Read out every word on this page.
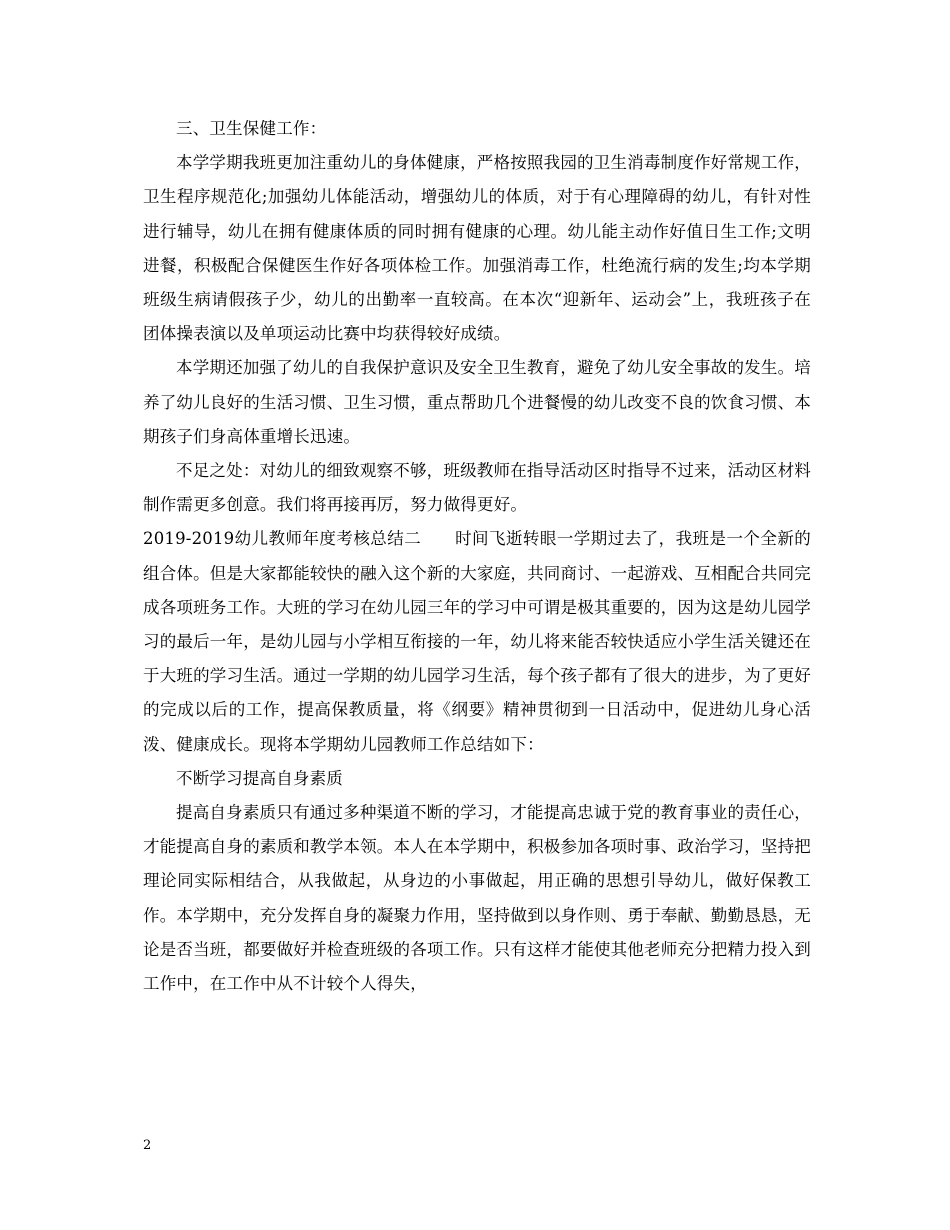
三、卫生保健工作：

本学学期我班更加注重幼儿的身体健康，严格按照我园的卫生消毒制度作好常规工作，卫生程序规范化;加强幼儿体能活动，增强幼儿的体质，对于有心理障碍的幼儿，有针对性进行辅导，幼儿在拥有健康体质的同时拥有健康的心理。幼儿能主动作好值日生工作;文明进餐，积极配合保健医生作好各项体检工作。加强消毒工作，杜绝流行病的发生;均本学期班级生病请假孩子少，幼儿的出勤率一直较高。在本次“迎新年、运动会”上，我班孩子在团体操表演以及单项运动比赛中均获得较好成绩。

本学期还加强了幼儿的自我保护意识及安全卫生教育，避免了幼儿安全事故的发生。培养了幼儿良好的生活习惯、卫生习惯，重点帮助几个进餐慢的幼儿改变不良的饮食习惯、本期孩子们身高体重增长迅速。

不足之处：对幼儿的细致观察不够，班级教师在指导活动区时指导不过来，活动区材料制作需更多创意。我们将再接再厉，努力做得更好。

2019-2019幼儿教师年度考核总结二　　时间飞逝转眼一学期过去了，我班是一个全新的组合体。但是大家都能较快的融入这个新的大家庭，共同商讨、一起游戏、互相配合共同完成各项班务工作。大班的学习在幼儿园三年的学习中可谓是极其重要的，因为这是幼儿园学习的最后一年，是幼儿园与小学相互衔接的一年，幼儿将来能否较快适应小学生活关键还在于大班的学习生活。通过一学期的幼儿园学习生活，每个孩子都有了很大的进步，为了更好的完成以后的工作，提高保教质量，将《纲要》精神贯彻到一日活动中，促进幼儿身心活泼、健康成长。现将本学期幼儿园教师工作总结如下：

不断学习提高自身素质

提高自身素质只有通过多种渠道不断的学习，才能提高忠诚于党的教育事业的责任心，才能提高自身的素质和教学本领。本人在本学期中，积极参加各项时事、政治学习，坚持把理论同实际相结合，从我做起，从身边的小事做起，用正确的思想引导幼儿，做好保教工作。本学期中，充分发挥自身的凝聚力作用，坚持做到以身作则、勇于奉献、勤勤恳恳，无论是否当班，都要做好并检查班级的各项工作。只有这样才能使其他老师充分把精力投入到工作中，在工作中从不计较个人得失，

2
